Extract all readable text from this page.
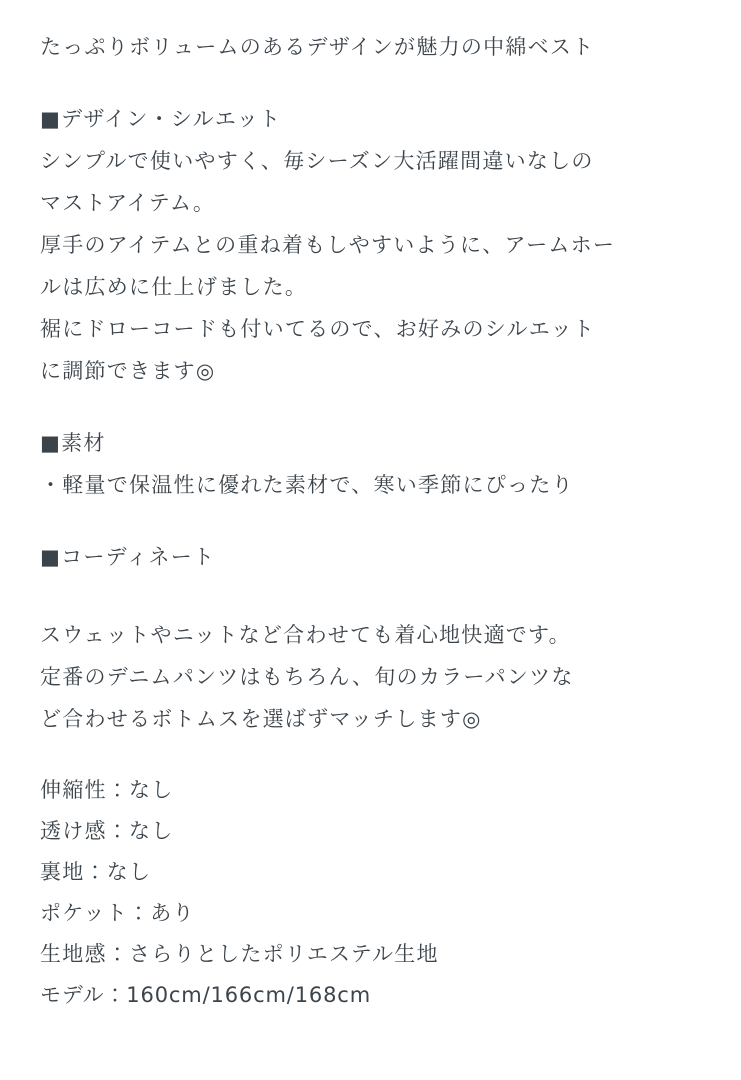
たっぷりボリュームのあるデザインが魅力の中綿ベスト
■デザイン・シルエット
シンプルで使いやすく、毎シーズン大活躍間違いなしの
マストアイテム。
厚手のアイテムとの重ね着もしやすいように、アームホー
ルは広めに仕上げました。
裾にドローコードも付いてるので、お好みのシルエット
に調節できます◎
■素材
・軽量で保温性に優れた素材で、寒い季節にぴったり
■コーディネート
スウェットやニットなど合わせても着心地快適です。
定番のデニムパンツはもちろん、旬のカラーパンツな
ど合わせるボトムスを選ばずマッチします◎
伸縮性：なし
透け感：なし
裏地：なし
ポケット：あり
生地感：さらりとしたポリエステル生地
モデル：160cm/166cm/168cm
